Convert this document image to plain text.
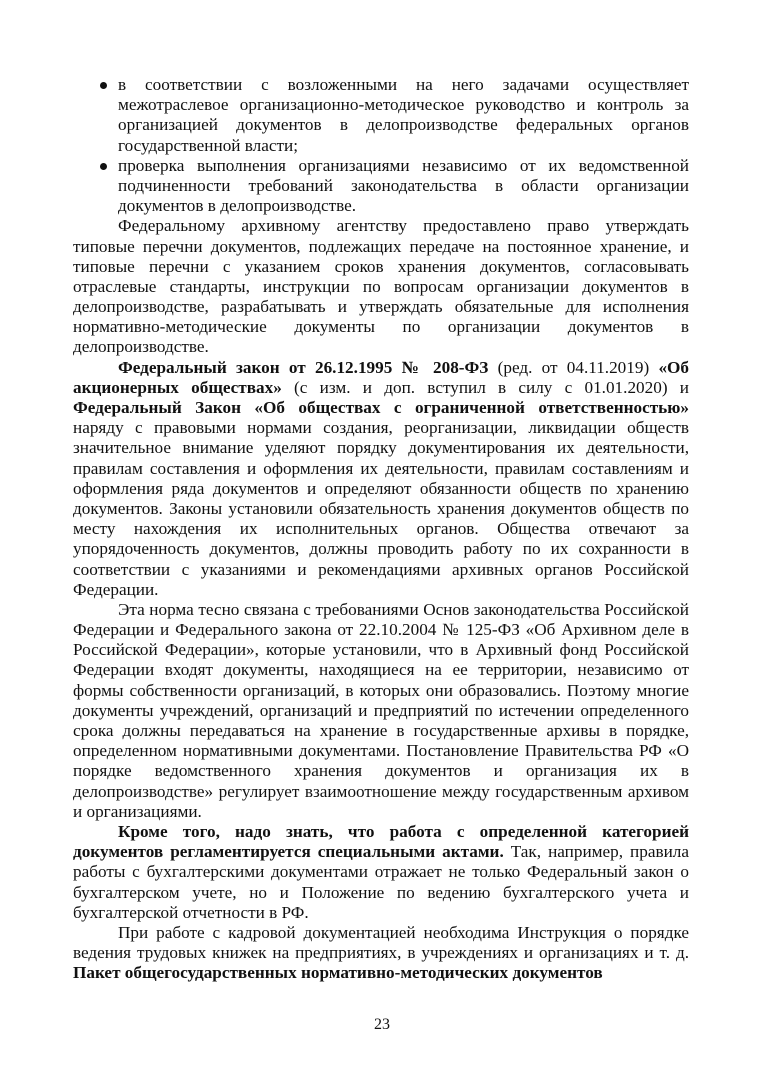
в соответствии с возложенными на него задачами осуществляет межотраслевое организационно-методическое руководство и контроль за организацией документов в делопроизводстве федеральных органов государственной власти;
проверка выполнения организациями независимо от их ведомственной подчиненности требований законодательства в области организации документов в делопроизводстве.

Федеральному архивному агентству предоставлено право утверждать типовые перечни документов, подлежащих передаче на постоянное хранение, и типовые перечни с указанием сроков хранения документов, согласовывать отраслевые стандарты, инструкции по вопросам организации документов в делопроизводстве, разрабатывать и утверждать обязательные для исполнения нормативно-методические документы по организации документов в делопроизводстве.

Федеральный закон от 26.12.1995 № 208-ФЗ (ред. от 04.11.2019) «Об акционерных обществах» (с изм. и доп. вступил в силу с 01.01.2020) и Федеральный Закон «Об обществах с ограниченной ответственностью» наряду с правовыми нормами создания, реорганизации, ликвидации обществ значительное внимание уделяют порядку документирования их деятельности, правилам составления и оформления их деятельности, правилам составлениям и оформления ряда документов и определяют обязанности обществ по хранению документов. Законы установили обязательность хранения документов обществ по месту нахождения их исполнительных органов. Общества отвечают за упорядоченность документов, должны проводить работу по их сохранности в соответствии с указаниями и рекомендациями архивных органов Российской Федерации.

Эта норма тесно связана с требованиями Основ законодательства Российской Федерации и Федерального закона от 22.10.2004 № 125-ФЗ «Об Архивном деле в Российской Федерации», которые установили, что в Архивный фонд Российской Федерации входят документы, находящиеся на ее территории, независимо от формы собственности организаций, в которых они образовались. Поэтому многие документы учреждений, организаций и предприятий по истечении определенного срока должны передаваться на хранение в государственные архивы в порядке, определенном нормативными документами. Постановление Правительства РФ «О порядке ведомственного хранения документов и организация их в делопроизводстве» регулирует взаимоотношение между государственным архивом и организациями.

Кроме того, надо знать, что работа с определенной категорией документов регламентируется специальными актами. Так, например, правила работы с бухгалтерскими документами отражает не только Федеральный закон о бухгалтерском учете, но и Положение по ведению бухгалтерского учета и бухгалтерской отчетности в РФ.

При работе с кадровой документацией необходима Инструкция о порядке ведения трудовых книжек на предприятиях, в учреждениях и организациях и т. д. Пакет общегосударственных нормативно-методических документов

23
